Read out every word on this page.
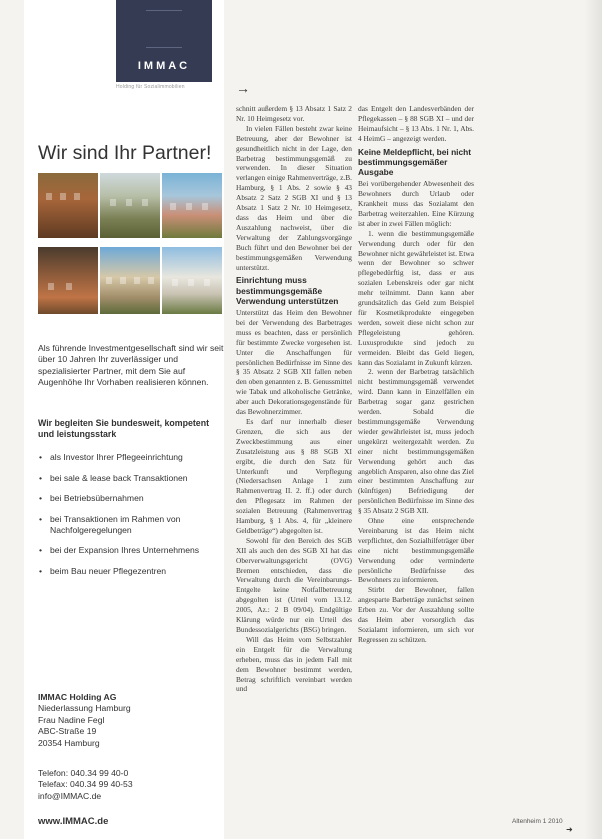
IMMAC
Holding für Sozialimmobilien
Wir sind Ihr Partner!
Als führende Investmentgesellschaft sind wir seit über 10 Jahren Ihr zuverlässiger und spezialisierter Partner, mit dem Sie auf Augenhöhe Ihr Vorhaben realisieren können.
Wir begleiten Sie bundesweit, kompetent und leistungsstark
• als Investor Ihrer Pflegeeinrichtung
• bei sale & lease back Transaktionen
• bei Betriebsübernahmen
• bei Transaktionen im Rahmen von Nachfolgeregelungen
• bei der Expansion Ihres Unternehmens
• beim Bau neuer Pflegezentren
IMMAC Holding AG
Niederlassung Hamburg
Frau Nadine Fegl
ABC-Straße 19
20354 Hamburg
Telefon: 040.34 99 40-0
Telefax: 040.34 99 40-53
info@IMMAC.de
www.IMMAC.de
→

schnitt außerdem § 13 Absatz 1 Satz 2 Nr. 10 Heimgesetz vor.

In vielen Fällen besteht zwar keine Betreuung, aber der Bewohner ist gesundheitlich nicht in der Lage, den Barbetrag bestimmungsgemäß zu verwenden. In dieser Situation verlangen einige Rahmenverträge, z.B. Hamburg, § 1 Abs. 2 sowie § 43 Absatz 2 Satz 2 SGB XI und § 13 Absatz 1 Satz 2 Nr. 10 Heimgesetz, dass das Heim und über die Auszahlung nachweist, über die Verwaltung der Zahlungsvorgänge Buch führt und den Bewohner bei der bestimmungsgemäßen Verwendung unterstützt.

Einrichtung muss bestimmungsgemäße Verwendung unterstützen

Unterstützt das Heim den Bewohner bei der Verwendung des Barbetrages muss es beachten, dass er persönlich für bestimmte Zwecke vorgesehen ist. Unter die Anschaffungen für persönlichen Bedürfnisse im Sinne des § 35 Absatz 2 SGB XII fallen neben den oben genannten z. B. Genussmittel wie Tabak und alkoholische Getränke, aber auch Dekorationsgegenstände für das Bewohnerzimmer.

Es darf nur innerhalb dieser Grenzen, die sich aus der Zweckbestimmung aus einer Zusatzleistung aus § 88 SGB XI ergibt, die durch den Satz für Unterkunft und Verpflegung (Niedersachsen Anlage 1 zum Rahmenvertrag II. 2. ff.) oder durch den Pflegesatz im Rahmen der sozialen Betreuung (Rahmenvertrag Hamburg, § 1 Abs. 4, für „kleinere Geldbeträge“) abgegolten ist.

Sowohl für den Bereich des SGB XII als auch den des SGB XI hat das Oberverwaltungsgericht (OVG) Bremen entschieden, dass die Verwaltung durch die Vereinbarungs-Entgelte keine Notfallbetreuung abgegolten ist (Urteil vom 13.12. 2005, Az.: 2 B 09/04). Endgültige Klärung würde nur ein Urteil des Bundessozialgerichts (BSG) bringen.

Will das Heim vom Selbstzahler ein Entgelt für die Verwaltung erheben, muss das in jedem Fall mit dem Bewohner bestimmt werden, Betrag schriftlich vereinbart werden und

das Entgelt den Landesverbänden der Pflegekassen – § 88 SGB XI – und der Heimaufsicht – § 13 Abs. 1 Nr. 1, Abs. 4 HeimG – angezeigt werden.

Keine Meldepflicht, bei nicht bestimmungsgemäßer Ausgabe

Bei vorübergehender Abwesenheit des Bewohners durch Urlaub oder Krankheit muss das Sozialamt den Barbetrag weiterzahlen. Eine Kürzung ist aber in zwei Fällen möglich:

1. wenn die bestimmungsgemäße Verwendung durch oder für den Bewohner nicht gewährleistet ist. Etwa wenn der Bewohner so schwer pflegebedürftig ist, dass er aus sozialen Lebenskreis oder gar nicht mehr teilnimmt. Dann kann aber grundsätzlich das Geld zum Beispiel für Kosmetikprodukte eingegeben werden, soweit diese nicht schon zur Pflegeleistung gehören. Luxusprodukte sind jedoch zu vermeiden. Bleibt das Geld liegen, kann das Sozialamt in Zukunft kürzen.

2. wenn der Barbetrag tatsächlich nicht bestimmungsgemäß verwendet wird. Dann kann in Einzelfällen ein Barbetrag sogar ganz gestrichen werden. Sobald die bestimmungsgemäße Verwendung wieder gewährleistet ist, muss jedoch ungekürzt weitergezahlt werden. Zu einer nicht bestimmungsgemäßen Verwendung gehört auch das angeblich Ansparen, also ohne das Ziel einer bestimmten Anschaffung zur (künftigen) Befriedigung der persönlichen Bedürfnisse im Sinne des § 35 Absatz 2 SGB XII.

Ohne eine entsprechende Vereinbarung ist das Heim nicht verpflichtet, den Sozialhilfeträger über eine nicht bestimmungsgemäße Verwendung oder verminderte persönliche Bedürfnisse des Bewohners zu informieren.

Stirbt der Bewohner, fallen angesparte Barbeträge zunächst seinen Erben zu. Vor der Auszahlung sollte das Heim aber vorsorglich das Sozialamt informieren, um sich vor Regressen zu schützen.

➜
Altenheim 1 2010
